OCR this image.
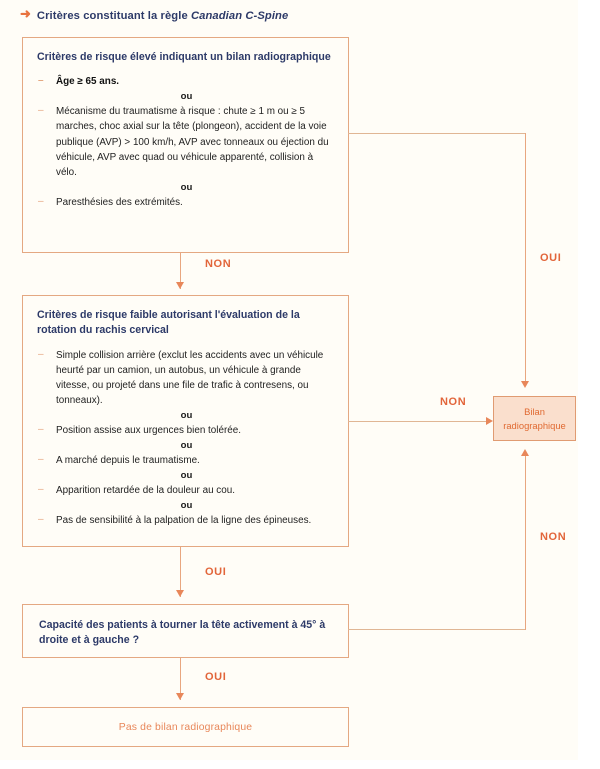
➜ Critères constituant la règle Canadian C-Spine

Critères de risque élevé indiquant un bilan radiographique

– Âge ≥ 65 ans.
ou
– Mécanisme du traumatisme à risque : chute ≥ 1 m ou ≥ 5 marches, choc axial sur la tête (plongeon), accident de la voie publique (AVP) > 100 km/h, AVP avec tonneaux ou éjection du véhicule, AVP avec quad ou véhicule apparenté, collision à vélo.
ou
– Paresthésies des extrémités.
NON	OUI

Critères de risque faible autorisant l'évaluation de la rotation du rachis cervical

– Simple collision arrière (exclut les accidents avec un véhicule heurté par un camion, un autobus, un véhicule à grande vitesse, ou projeté dans une file de trafic à contresens, ou tonneaux).
ou
– Position assise aux urgences bien tolérée.
ou
– A marché depuis le traumatisme.
ou
– Apparition retardée de la douleur au cou.
ou
– Pas de sensibilité à la palpation de la ligne des épineuses.
NON
OUI

Capacité des patients à tourner la tête activement à 45° à droite et à gauche ?

NON
OUI
Pas de bilan radiographique
Bilan
radiographique
